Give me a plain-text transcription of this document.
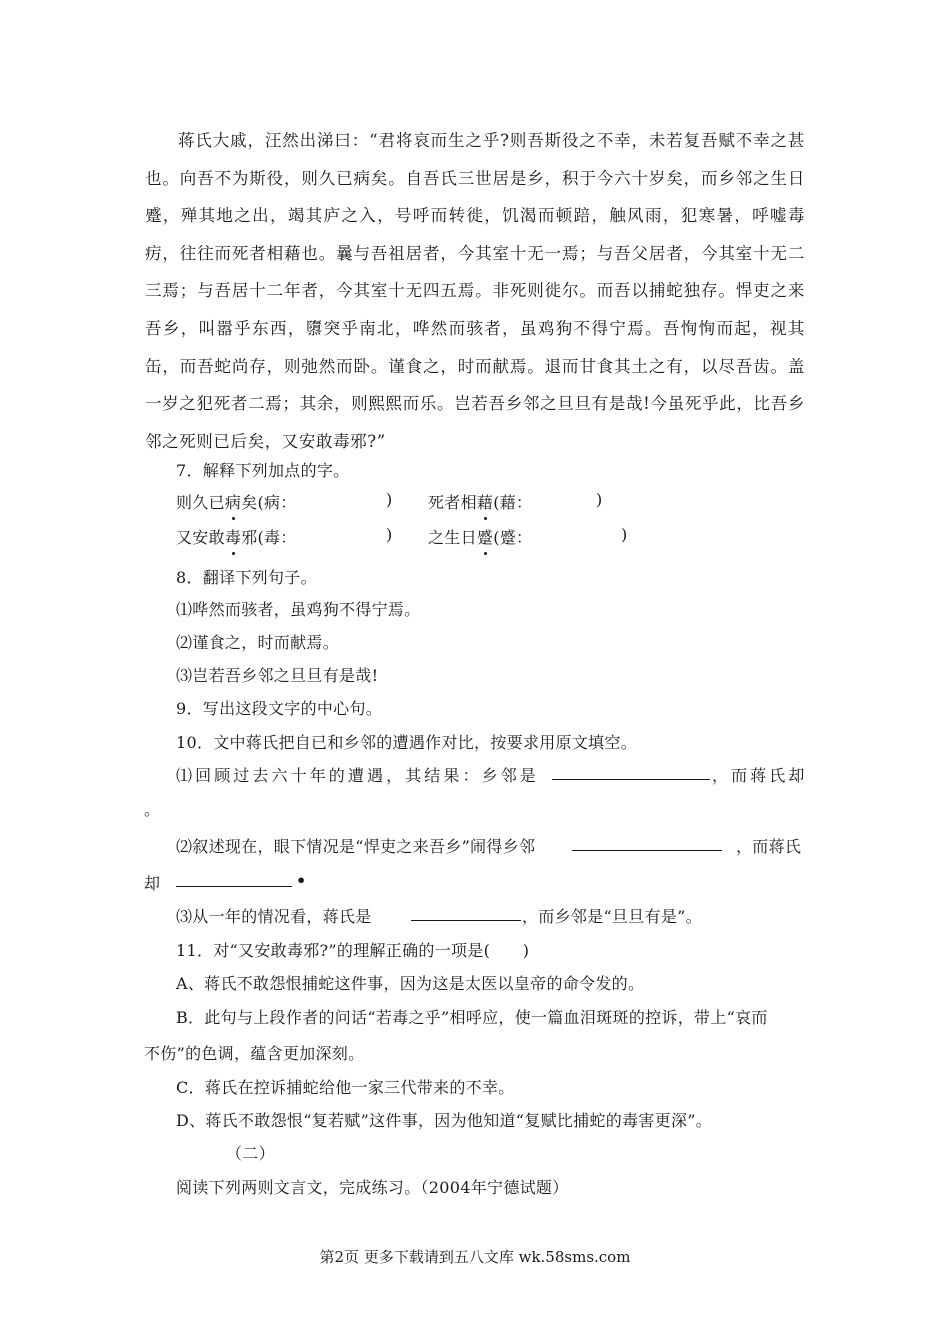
蒋氏大戚，汪然出涕曰：“君将哀而生之乎?则吾斯役之不幸，未若复吾赋不幸之甚也。向吾不为斯役，则久已病矣。自吾氏三世居是乡，积于今六十岁矣，而乡邻之生日蹙，殚其地之出，竭其庐之入，号呼而转徙，饥渴而顿踣，触风雨，犯寒暑，呼嘘毒疠，往往而死者相藉也。曩与吾祖居者，今其室十无一焉；与吾父居者，今其室十无二三焉；与吾居十二年者，今其室十无四五焉。非死则徙尔。而吾以捕蛇独存。悍吏之来吾乡，叫嚣乎东西，隳突乎南北，哗然而骇者，虽鸡狗不得宁焉。吾恂恂而起，视其缶，而吾蛇尚存，则弛然而卧。谨食之，时而献焉。退而甘食其土之有，以尽吾齿。盖一岁之犯死者二焉；其余，则熙熙而乐。岂若吾乡邻之旦旦有是哉!今虽死乎此，比吾乡邻之死则已后矣，又安敢毒邪?”

7．解释下列加点的字。
则久已病矣(病：	) 死者相藉(藉：	)
又安敢毒邪(毒：	) 之生日蹙(蹙：	)
8．翻译下列句子。
⑴哗然而骇者，虽鸡狗不得宁焉。
⑵谨食之，时而献焉。
⑶岂若吾乡邻之旦旦有是哉!
9．写出这段文字的中心句。
10．文中蒋氏把自已和乡邻的遭遇作对比，按要求用原文填空。
⑴回顾过去六十年的遭遇，其结果：乡邻是	，而蒋氏却
。
⑵叙述现在，眼下情况是“悍吏之来吾乡”闹得乡邻	，而蒋氏
却	•
⑶从一年的情况看，蒋氏是	，而乡邻是“旦旦有是”。
11．对“又安敢毒邪?”的理解正确的一项是(　　)
A、蒋氏不敢怨恨捕蛇这件事，因为这是太医以皇帝的命令发的。
B．此句与上段作者的问话“若毒之乎”相呼应，使一篇血泪斑斑的控诉，带上“哀而
不伤”的色调，蕴含更加深刻。
C．蒋氏在控诉捕蛇给他一家三代带来的不幸。
D、蒋氏不敢怨恨“复若赋”这件事，因为他知道“复赋比捕蛇的毒害更深”。
（二）
阅读下列两则文言文，完成练习。（2004年宁德试题）
第2页 更多下载请到五八文库 wk.58sms.com
